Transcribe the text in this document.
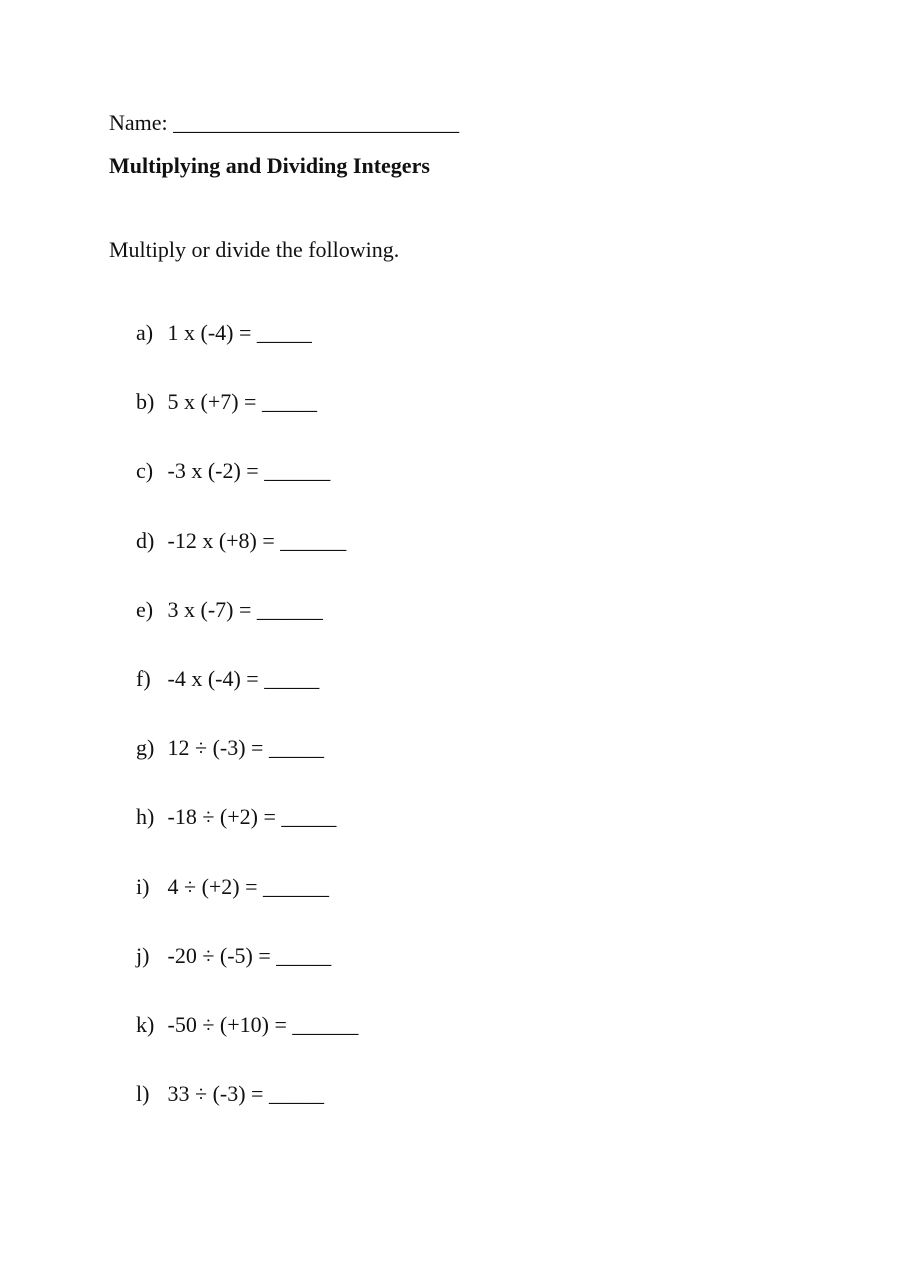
Name: __________________________
Multiplying and Dividing Integers
Multiply or divide the following.
a) 1 x (-4) = _____
b) 5 x (+7) = _____
c) -3 x (-2) = ______
d) -12 x (+8) = ______
e) 3 x (-7) = ______
f) -4 x (-4) = _____
g) 12 ÷ (-3) = _____
h) -18 ÷ (+2) = _____
i) 4 ÷ (+2) = ______
j) -20 ÷ (-5) = _____
k) -50 ÷ (+10) = ______
l) 33 ÷ (-3) = _____
